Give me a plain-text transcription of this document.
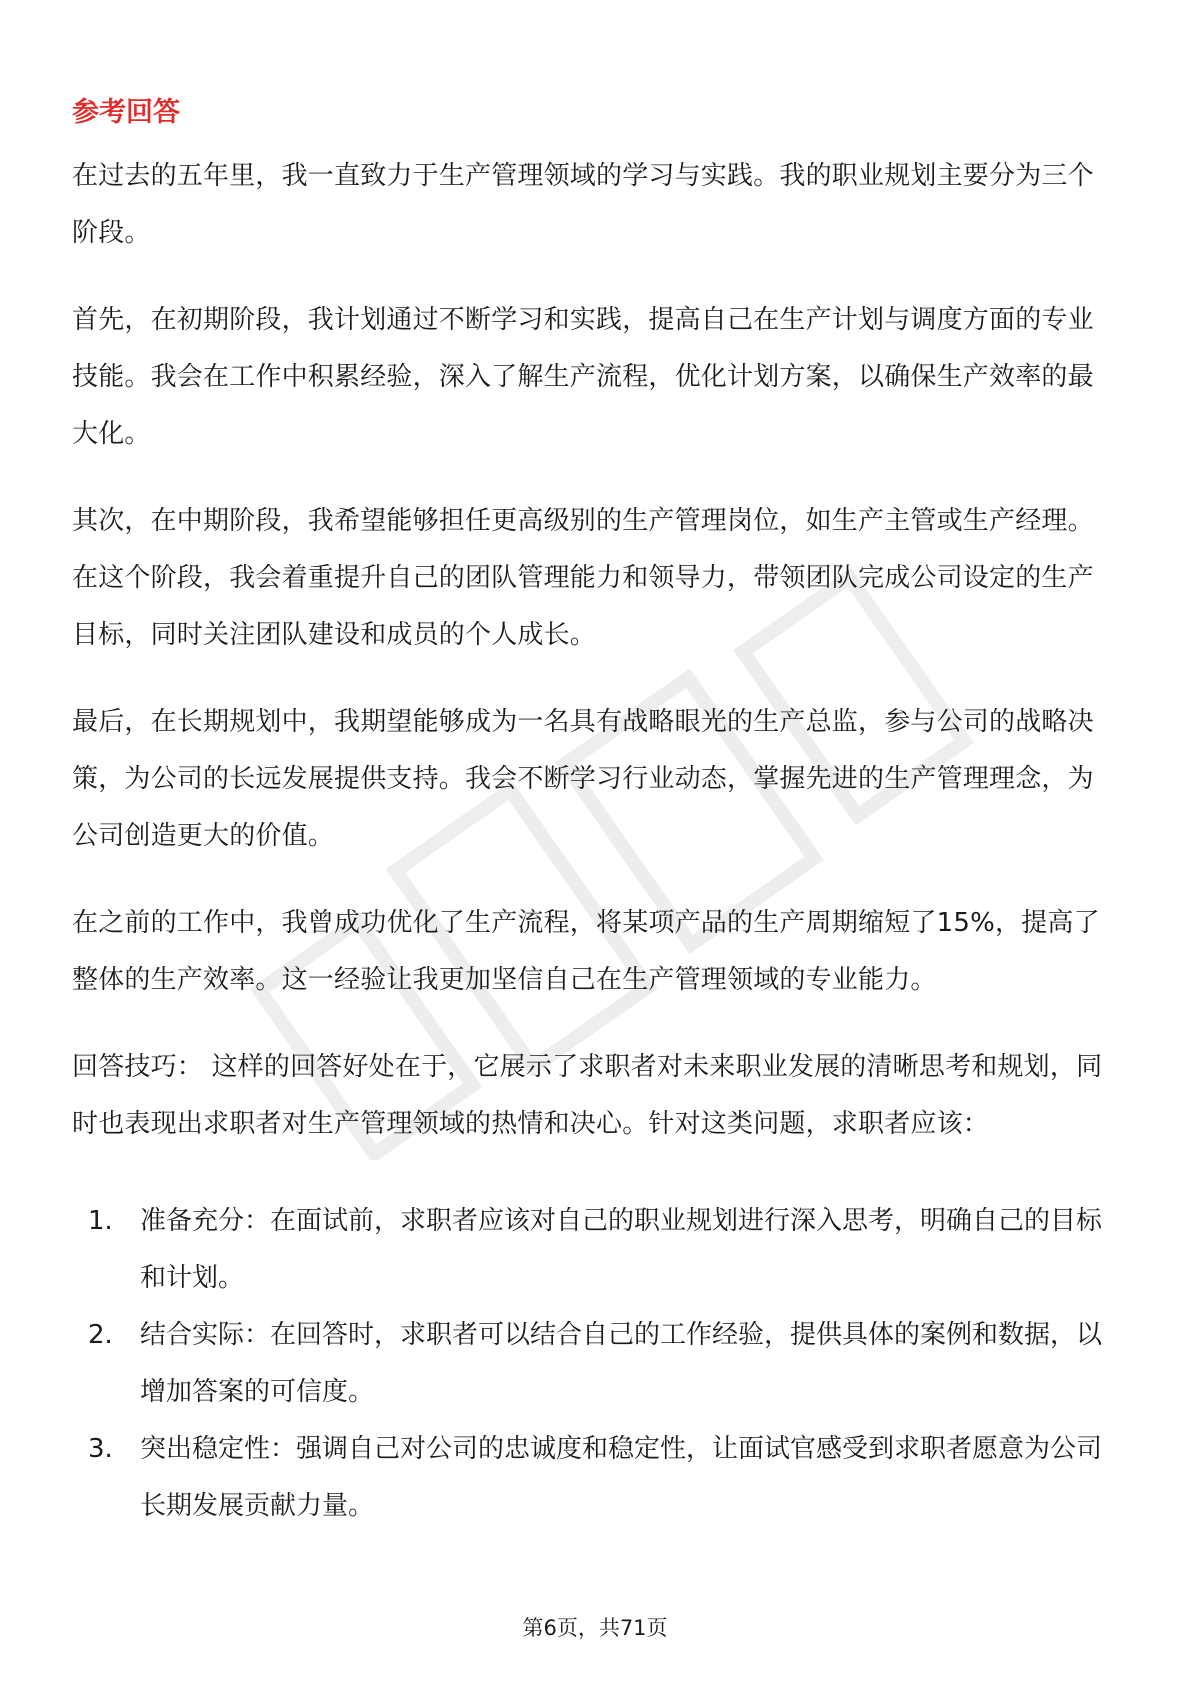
参考回答

在过去的五年里，我一直致力于生产管理领域的学习与实践。我的职业规划主要分为三个阶段。

首先，在初期阶段，我计划通过不断学习和实践，提高自己在生产计划与调度方面的专业技能。我会在工作中积累经验，深入了解生产流程，优化计划方案，以确保生产效率的最大化。

其次，在中期阶段，我希望能够担任更高级别的生产管理岗位，如生产主管或生产经理。在这个阶段，我会着重提升自己的团队管理能力和领导力，带领团队完成公司设定的生产目标，同时关注团队建设和成员的个人成长。

最后，在长期规划中，我期望能够成为一名具有战略眼光的生产总监，参与公司的战略决策，为公司的长远发展提供支持。我会不断学习行业动态，掌握先进的生产管理理念，为公司创造更大的价值。

在之前的工作中，我曾成功优化了生产流程，将某项产品的生产周期缩短了15%，提高了整体的生产效率。这一经验让我更加坚信自己在生产管理领域的专业能力。

回答技巧： 这样的回答好处在于，它展示了求职者对未来职业发展的清晰思考和规划，同时也表现出求职者对生产管理领域的热情和决心。针对这类问题，求职者应该：

1.	准备充分：在面试前，求职者应该对自己的职业规划进行深入思考，明确自己的目标和计划。
2.	结合实际：在回答时，求职者可以结合自己的工作经验，提供具体的案例和数据，以增加答案的可信度。
3.	突出稳定性：强调自己对公司的忠诚度和稳定性，让面试官感受到求职者愿意为公司长期发展贡献力量。
第6页，共71页
